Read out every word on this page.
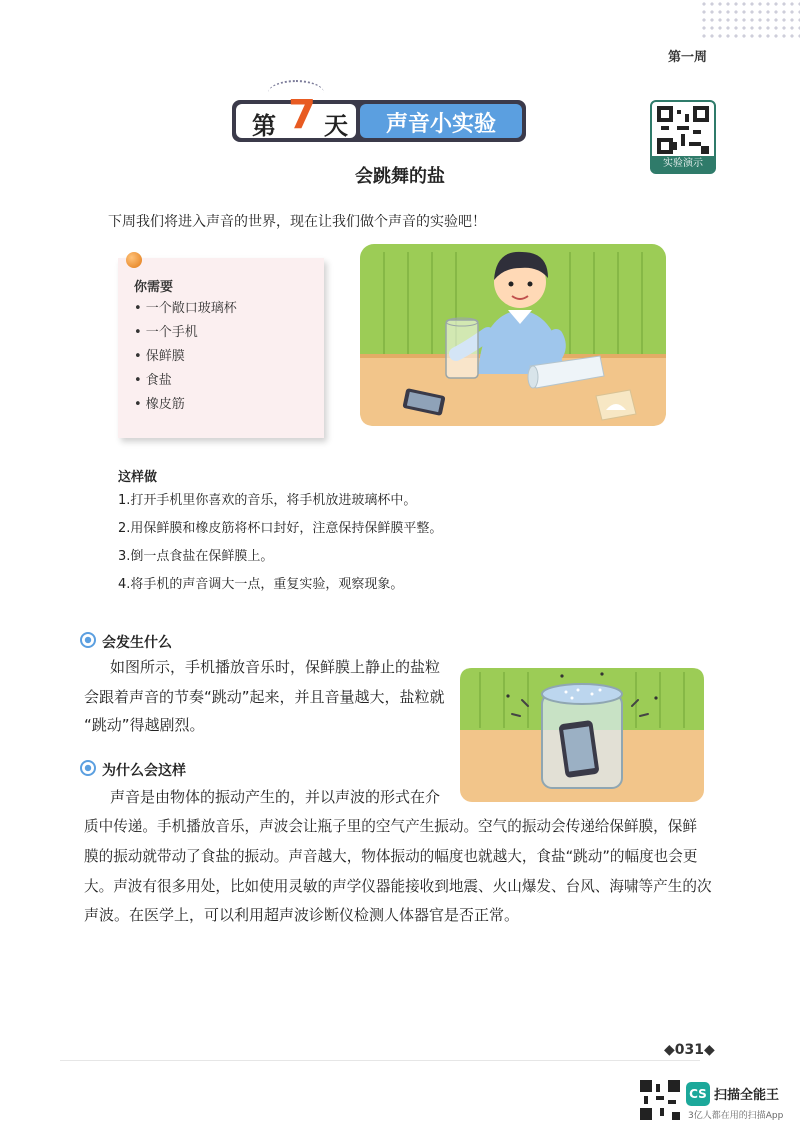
第一周
第 7 天	声音小实验
实验演示
会跳舞的盐
下周我们将进入声音的世界，现在让我们做个声音的实验吧！
你需要
• 一个敞口玻璃杯
• 一个手机
• 保鲜膜
• 食盐
• 橡皮筋
这样做
1.打开手机里你喜欢的音乐，将手机放进玻璃杯中。
2.用保鲜膜和橡皮筋将杯口封好，注意保持保鲜膜平整。
3.倒一点食盐在保鲜膜上。
4.将手机的声音调大一点，重复实验，观察现象。
会发生什么
如图所示，手机播放音乐时，保鲜膜上静止的盐粒
会跟着声音的节奏“跳动”起来，并且音量越大，盐粒就
“跳动”得越剧烈。
为什么会这样
声音是由物体的振动产生的，并以声波的形式在介
质中传递。手机播放音乐，声波会让瓶子里的空气产生振动。空气的振动会传递给保鲜膜，保鲜
膜的振动就带动了食盐的振动。声音越大，物体振动的幅度也就越大，食盐“跳动”的幅度也会更
大。声波有很多用处，比如使用灵敏的声学仪器能接收到地震、火山爆发、台风、海啸等产生的次
声波。在医学上，可以利用超声波诊断仪检测人体器官是否正常。
◆031◆
CS 扫描全能王
3亿人都在用的扫描App
